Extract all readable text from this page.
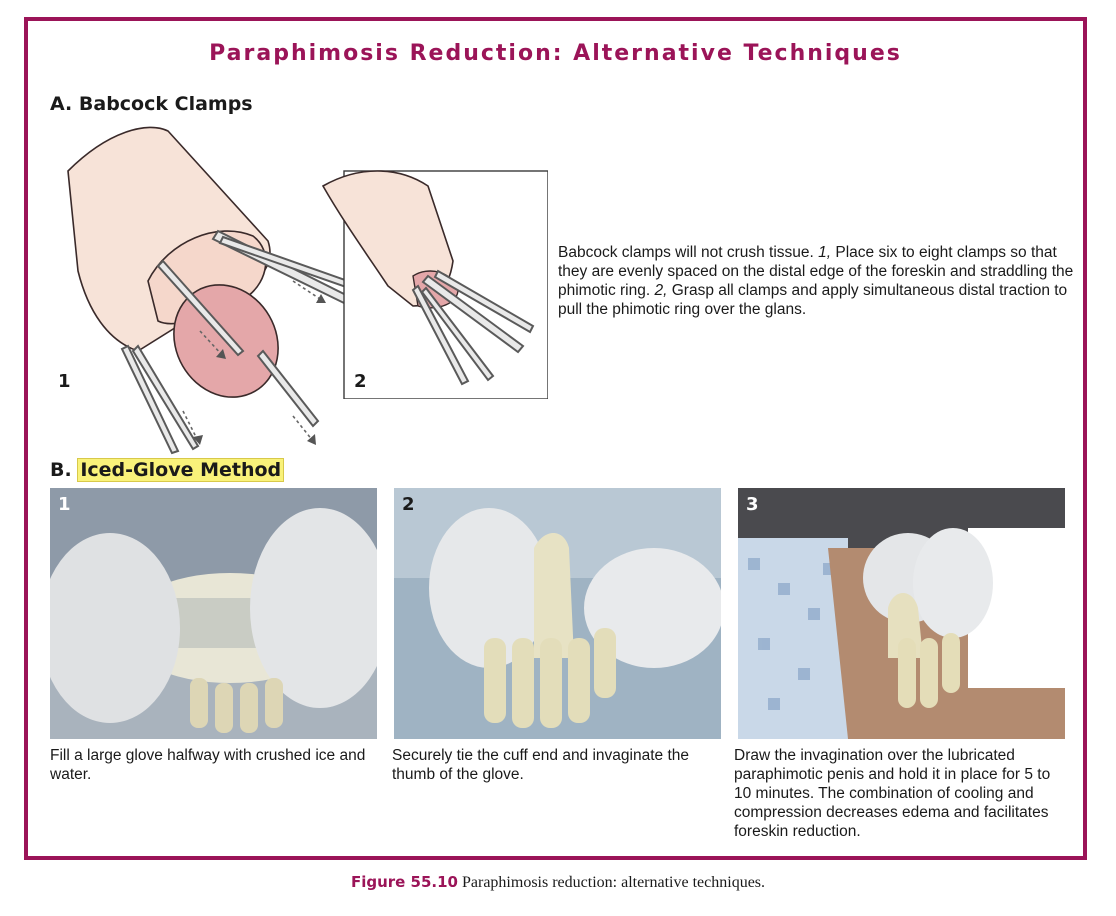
Paraphimosis Reduction: Alternative Techniques
A. Babcock Clamps
1	2
Babcock clamps will not crush tissue. 1, Place six to eight clamps so that they are evenly spaced on the distal edge of the foreskin and straddling the phimotic ring. 2, Grasp all clamps and apply simultaneous distal traction to pull the phimotic ring over the glans.
B. Iced-Glove Method
1	2	3
Fill a large glove halfway with crushed ice and water.
Securely tie the cuff end and invaginate the thumb of the glove.
Draw the invagination over the lubricated paraphimotic penis and hold it in place for 5 to 10 minutes. The combination of cooling and compression decreases edema and facilitates foreskin reduction.
Figure 55.10 Paraphimosis reduction: alternative techniques.
